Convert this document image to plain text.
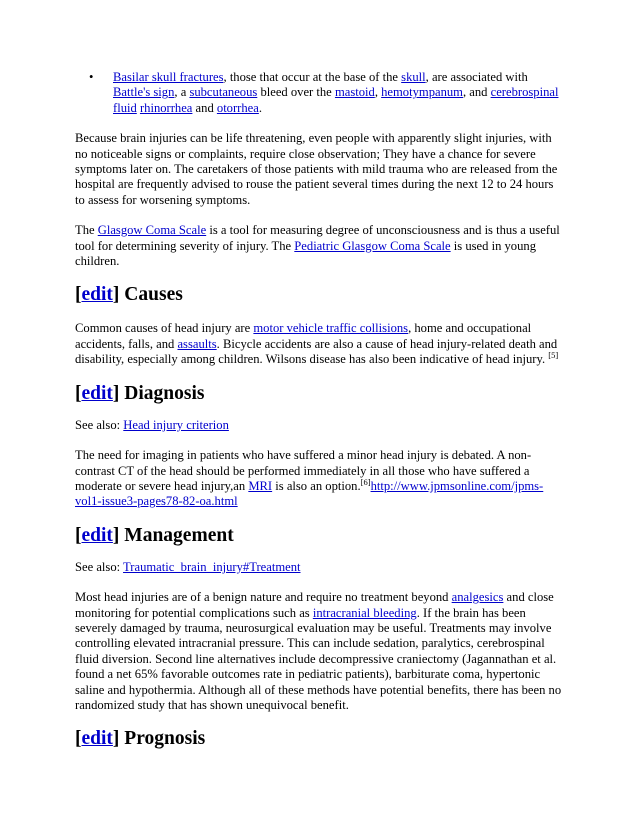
• Basilar skull fractures, those that occur at the base of the skull, are associated with Battle's sign, a subcutaneous bleed over the mastoid, hemotympanum, and cerebrospinal fluid rhinorrhea and otorrhea.

Because brain injuries can be life threatening, even people with apparently slight injuries, with no noticeable signs or complaints, require close observation; They have a chance for severe symptoms later on. The caretakers of those patients with mild trauma who are released from the hospital are frequently advised to rouse the patient several times during the next 12 to 24 hours to assess for worsening symptoms.

The Glasgow Coma Scale is a tool for measuring degree of unconsciousness and is thus a useful tool for determining severity of injury. The Pediatric Glasgow Coma Scale is used in young children.

[edit] Causes

Common causes of head injury are motor vehicle traffic collisions, home and occupational accidents, falls, and assaults. Bicycle accidents are also a cause of head injury-related death and disability, especially among children. Wilsons disease has also been indicative of head injury. [5]

[edit] Diagnosis

See also: Head injury criterion

The need for imaging in patients who have suffered a minor head injury is debated. A non-contrast CT of the head should be performed immediately in all those who have suffered a moderate or severe head injury,an MRI is also an option.[6]http://www.jpmsonline.com/jpms-vol1-issue3-pages78-82-oa.html

[edit] Management

See also: Traumatic_brain_injury#Treatment

Most head injuries are of a benign nature and require no treatment beyond analgesics and close monitoring for potential complications such as intracranial bleeding. If the brain has been severely damaged by trauma, neurosurgical evaluation may be useful. Treatments may involve controlling elevated intracranial pressure. This can include sedation, paralytics, cerebrospinal fluid diversion. Second line alternatives include decompressive craniectomy (Jagannathan et al. found a net 65% favorable outcomes rate in pediatric patients), barbiturate coma, hypertonic saline and hypothermia. Although all of these methods have potential benefits, there has been no randomized study that has shown unequivocal benefit.

[edit] Prognosis
